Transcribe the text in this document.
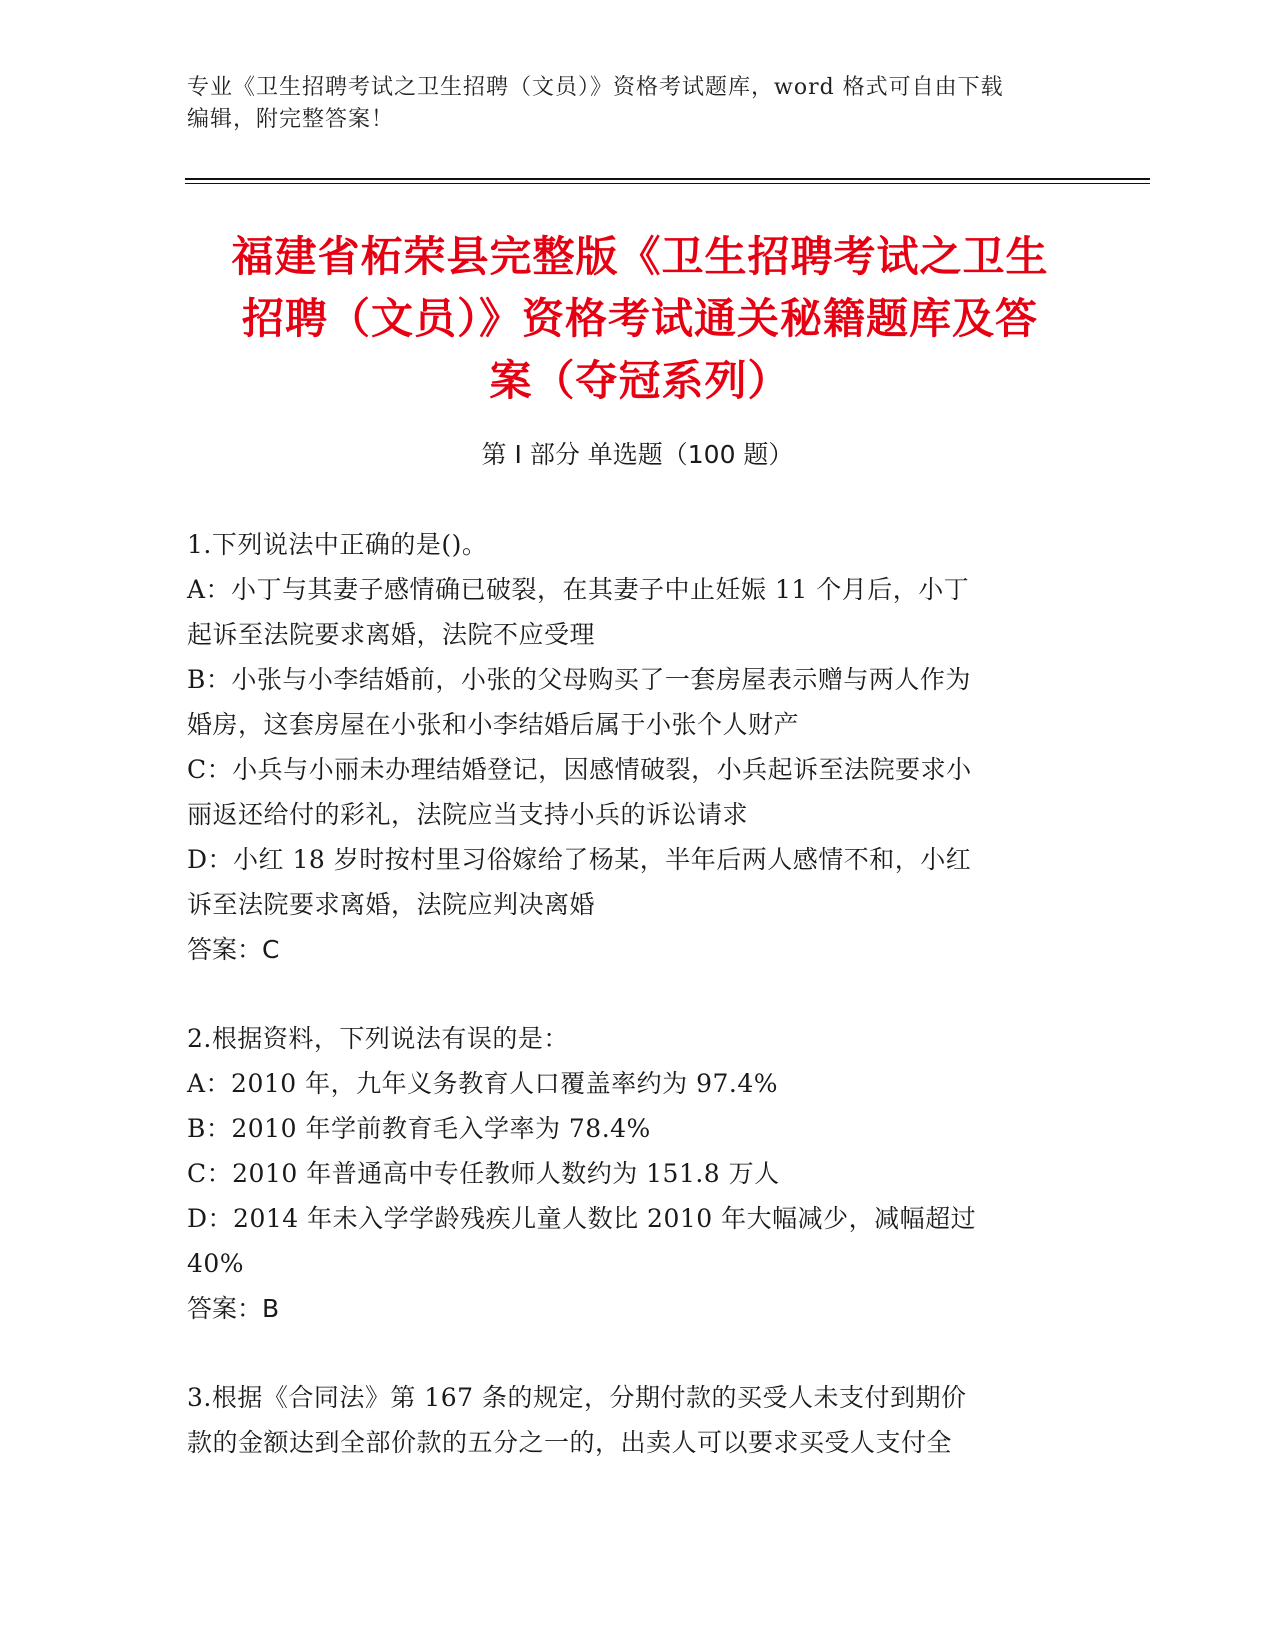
专业《卫生招聘考试之卫生招聘（文员）》资格考试题库，word 格式可自由下载
编辑，附完整答案！
福建省柘荣县完整版《卫生招聘考试之卫生
招聘（文员）》资格考试通关秘籍题库及答
案（夺冠系列）
第 I 部分 单选题（100 题）
1.下列说法中正确的是()。
A：小丁与其妻子感情确已破裂，在其妻子中止妊娠 11 个月后，小丁
起诉至法院要求离婚，法院不应受理
B：小张与小李结婚前，小张的父母购买了一套房屋表示赠与两人作为
婚房，这套房屋在小张和小李结婚后属于小张个人财产
C：小兵与小丽未办理结婚登记，因感情破裂，小兵起诉至法院要求小
丽返还给付的彩礼，法院应当支持小兵的诉讼请求
D：小红 18 岁时按村里习俗嫁给了杨某，半年后两人感情不和，小红
诉至法院要求离婚，法院应判决离婚
答案：C
2.根据资料，下列说法有误的是：
A：2010 年，九年义务教育人口覆盖率约为 97.4%
B：2010 年学前教育毛入学率为 78.4%
C：2010 年普通高中专任教师人数约为 151.8 万人
D：2014 年未入学学龄残疾儿童人数比 2010 年大幅减少，减幅超过
40%
答案：B
3.根据《合同法》第 167 条的规定，分期付款的买受人未支付到期价
款的金额达到全部价款的五分之一的，出卖人可以要求买受人支付全
